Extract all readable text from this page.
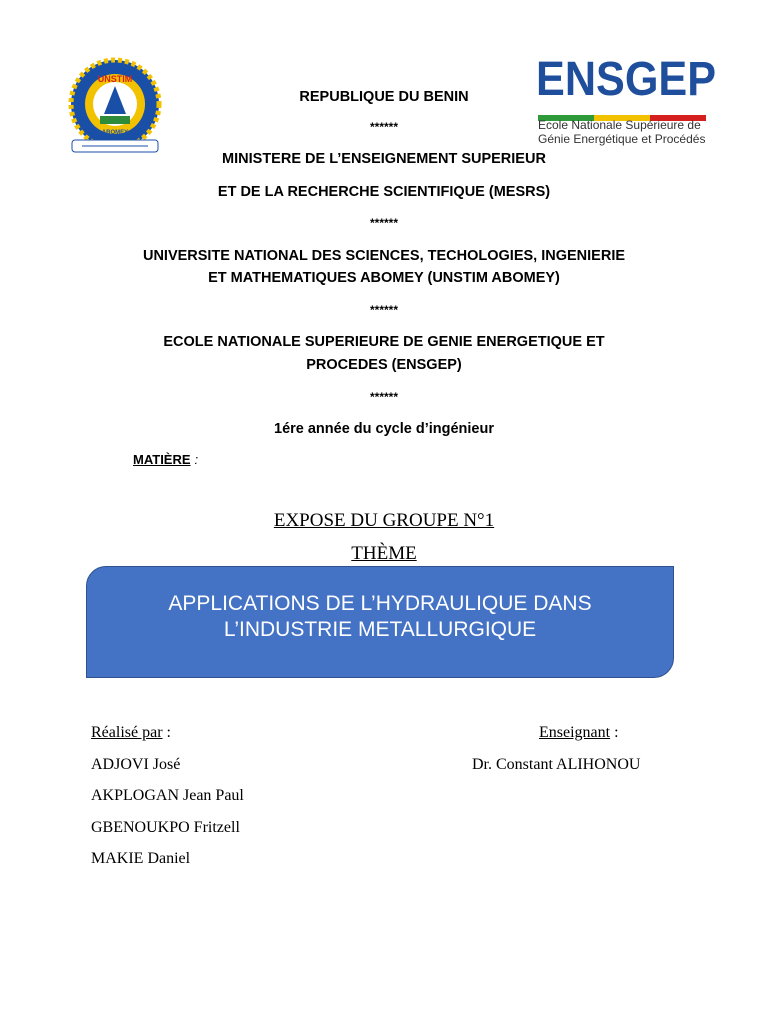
UNSTIM
ABOMEY
ENSGEP
Ecole Nationale Supérieure de
Génie Energétique et Procédés
REPUBLIQUE DU BENIN
******
MINISTERE DE L’ENSEIGNEMENT SUPERIEUR
ET DE LA RECHERCHE SCIENTIFIQUE (MESRS)
******
UNIVERSITE NATIONAL DES SCIENCES, TECHOLOGIES, INGENIERIE
ET MATHEMATIQUES ABOMEY (UNSTIM ABOMEY)
******
ECOLE NATIONALE SUPERIEURE DE GENIE ENERGETIQUE ET
PROCEDES (ENSGEP)
******
1ére année du cycle d’ingénieur
MATIÈRE :
EXPOSE DU GROUPE N°1
THÈME
APPLICATIONS DE L’HYDRAULIQUE DANS
L’INDUSTRIE METALLURGIQUE
Réalisé par :
ADJOVI José
AKPLOGAN Jean Paul
GBENOUKPO Fritzell
MAKIE Daniel
Enseignant :
Dr. Constant ALIHONOU
